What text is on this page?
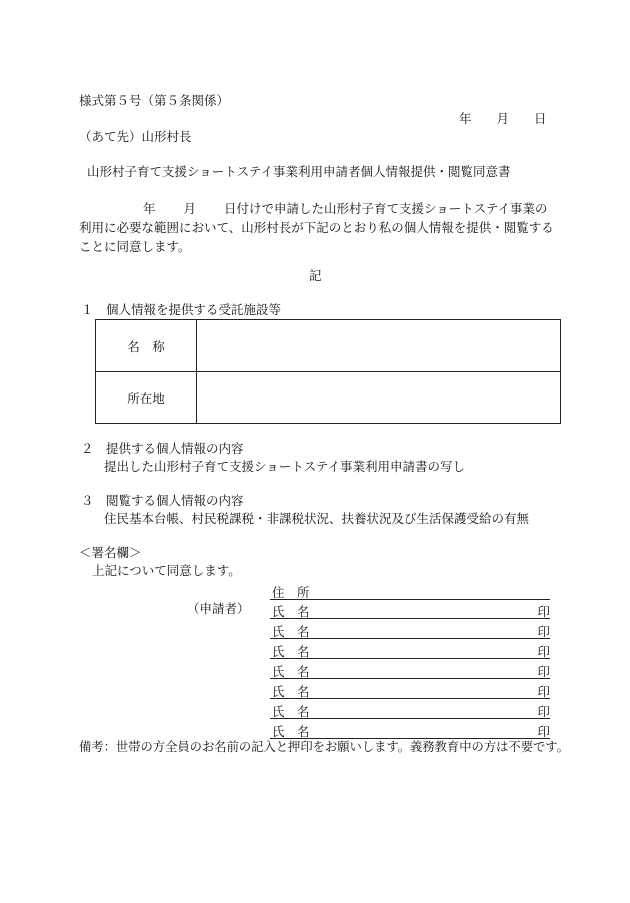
様式第５号（第５条関係）
年　　月　　日
（あて先）山形村長
山形村子育て支援ショートステイ事業利用申請者個人情報提供・閲覧同意書
年 月 日付けで申請した山形村子育て支援ショートステイ事業の利用に必要な範囲において、山形村長が下記のとおり私の個人情報を提供・閲覧することに同意します。
記
１　個人情報を提供する受託施設等
名　称	
所在地	
２　提供する個人情報の内容
提出した山形村子育て支援ショートステイ事業利用申請書の写し
３　閲覧する個人情報の内容
住民基本台帳、村民税課税・非課税状況、扶養状況及び生活保護受給の有無
＜署名欄＞
上記について同意します。
住　所
（申請者） 氏　名	印
氏　名	印
氏　名	印
氏　名	印
氏　名	印
氏　名	印
氏　名	印
備考：世帯の方全員のお名前の記入と押印をお願いします。義務教育中の方は不要です。
